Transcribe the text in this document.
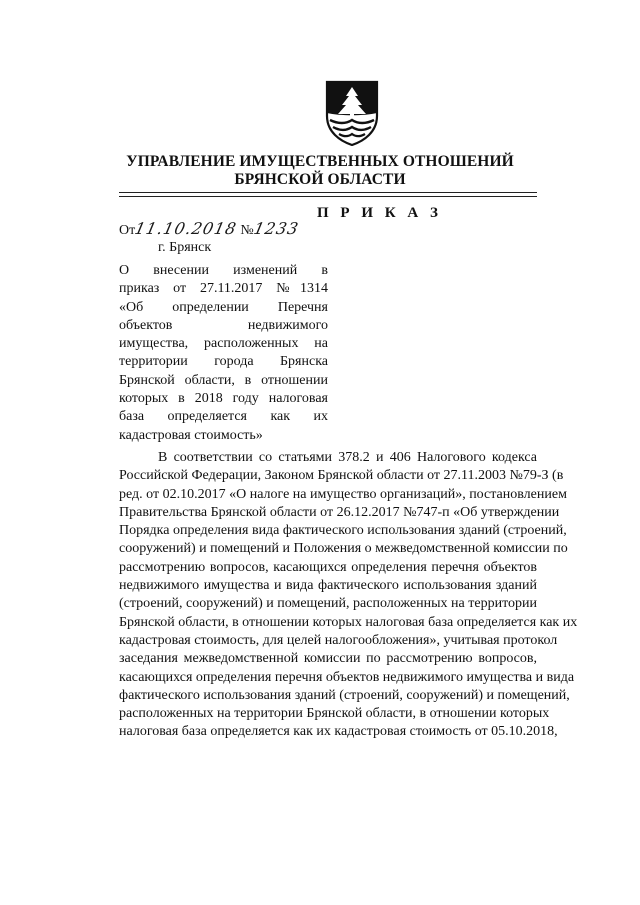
УПРАВЛЕНИЕ ИМУЩЕСТВЕННЫХ ОТНОШЕНИЙ
БРЯНСКОЙ ОБЛАСТИ
П Р И К А З
От11.10.2018 №1233
г. Брянск
О внесении изменений в
приказ от 27.11.2017 №1314
«Об определении Перечня
объектов недвижимого
имущества, расположенных на
территории города Брянска
Брянской области, в отношении
которых в 2018 году налоговая
база определяется как их
кадастровая стоимость»
В соответствии со статьями 378.2 и 406 Налогового кодекса
Российской Федерации, Законом Брянской области от 27.11.2003 №79-З (в
ред. от 02.10.2017 «О налоге на имущество организаций», постановлением
Правительства Брянской области от 26.12.2017 №747-п «Об утверждении
Порядка определения вида фактического использования зданий (строений,
сооружений) и помещений и Положения о межведомственной комиссии по
рассмотрению вопросов, касающихся определения перечня объектов
недвижимого имущества и вида фактического использования зданий
(строений, сооружений) и помещений, расположенных на территории
Брянской области, в отношении которых налоговая база определяется как их
кадастровая стоимость, для целей налогообложения», учитывая протокол
заседания межведомственной комиссии по рассмотрению вопросов,
касающихся определения перечня объектов недвижимого имущества и вида
фактического использования зданий (строений, сооружений) и помещений,
расположенных на территории Брянской области, в отношении которых
налоговая база определяется как их кадастровая стоимость от 05.10.2018,
